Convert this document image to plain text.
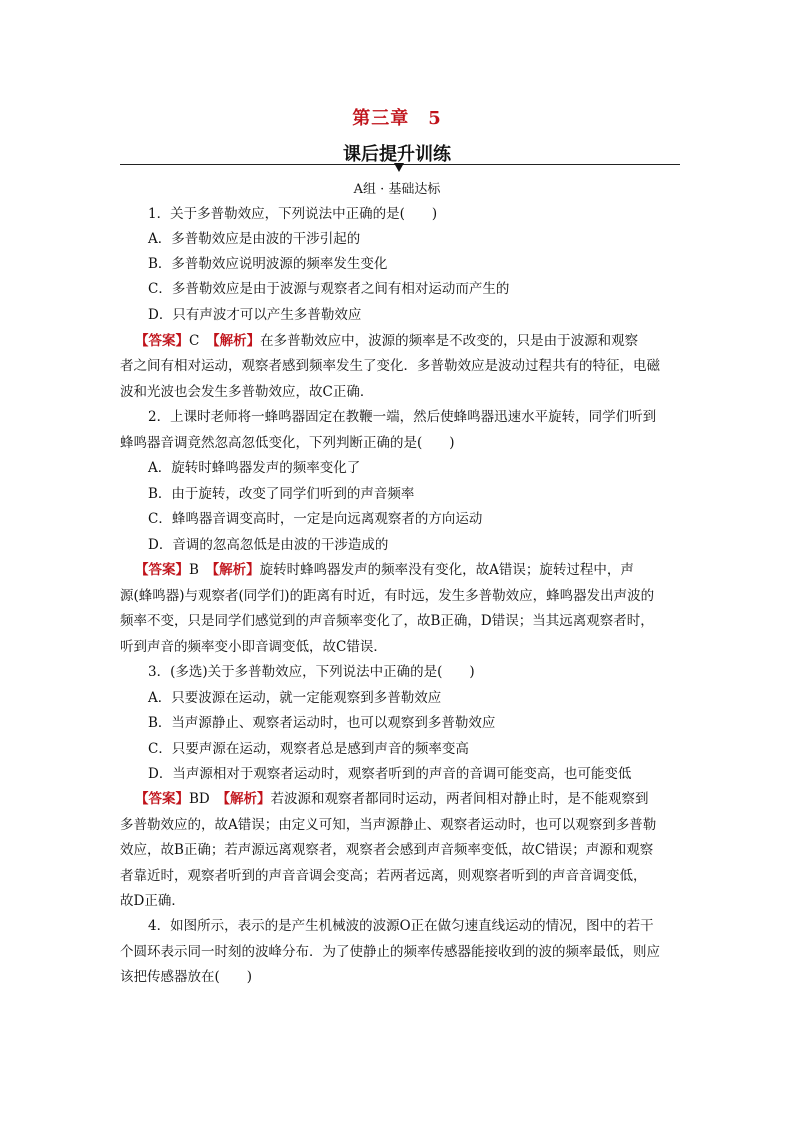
第三章　5
课后提升训练
A组 · 基础达标
1．关于多普勒效应，下列说法中正确的是(　　)
A．多普勒效应是由波的干涉引起的
B．多普勒效应说明波源的频率发生变化
C．多普勒效应是由于波源与观察者之间有相对运动而产生的
D．只有声波才可以产生多普勒效应
【答案】C　 【解析】在多普勒效应中，波源的频率是不改变的，只是由于波源和观察
者之间有相对运动，观察者感到频率发生了变化．多普勒效应是波动过程共有的特征，电磁
波和光波也会发生多普勒效应，故C正确．
2．上课时老师将一蜂鸣器固定在教鞭一端，然后使蜂鸣器迅速水平旋转，同学们听到
蜂鸣器音调竟然忽高忽低变化，下列判断正确的是(　　)
A．旋转时蜂鸣器发声的频率变化了
B．由于旋转，改变了同学们听到的声音频率
C．蜂鸣器音调变高时，一定是向远离观察者的方向运动
D．音调的忽高忽低是由波的干涉造成的
【答案】B　 【解析】旋转时蜂鸣器发声的频率没有变化，故A错误；旋转过程中，声
源(蜂鸣器)与观察者(同学们)的距离有时近，有时远，发生多普勒效应，蜂鸣器发出声波的
频率不变，只是同学们感觉到的声音频率变化了，故B正确，D错误；当其远离观察者时，
听到声音的频率变小即音调变低，故C错误．
3．(多选)关于多普勒效应，下列说法中正确的是(　　)
A．只要波源在运动，就一定能观察到多普勒效应
B．当声源静止、观察者运动时，也可以观察到多普勒效应
C．只要声源在运动，观察者总是感到声音的频率变高
D．当声源相对于观察者运动时，观察者听到的声音的音调可能变高，也可能变低
【答案】BD　 【解析】若波源和观察者都同时运动，两者间相对静止时，是不能观察到
多普勒效应的，故A错误；由定义可知，当声源静止、观察者运动时，也可以观察到多普勒
效应，故B正确；若声源远离观察者，观察者会感到声音频率变低，故C错误；声源和观察
者靠近时，观察者听到的声音音调会变高；若两者远离，则观察者听到的声音音调变低，
故D正确．
4．如图所示，表示的是产生机械波的波源O正在做匀速直线运动的情况，图中的若干
个圆环表示同一时刻的波峰分布．为了使静止的频率传感器能接收到的波的频率最低，则应
该把传感器放在(　　)
